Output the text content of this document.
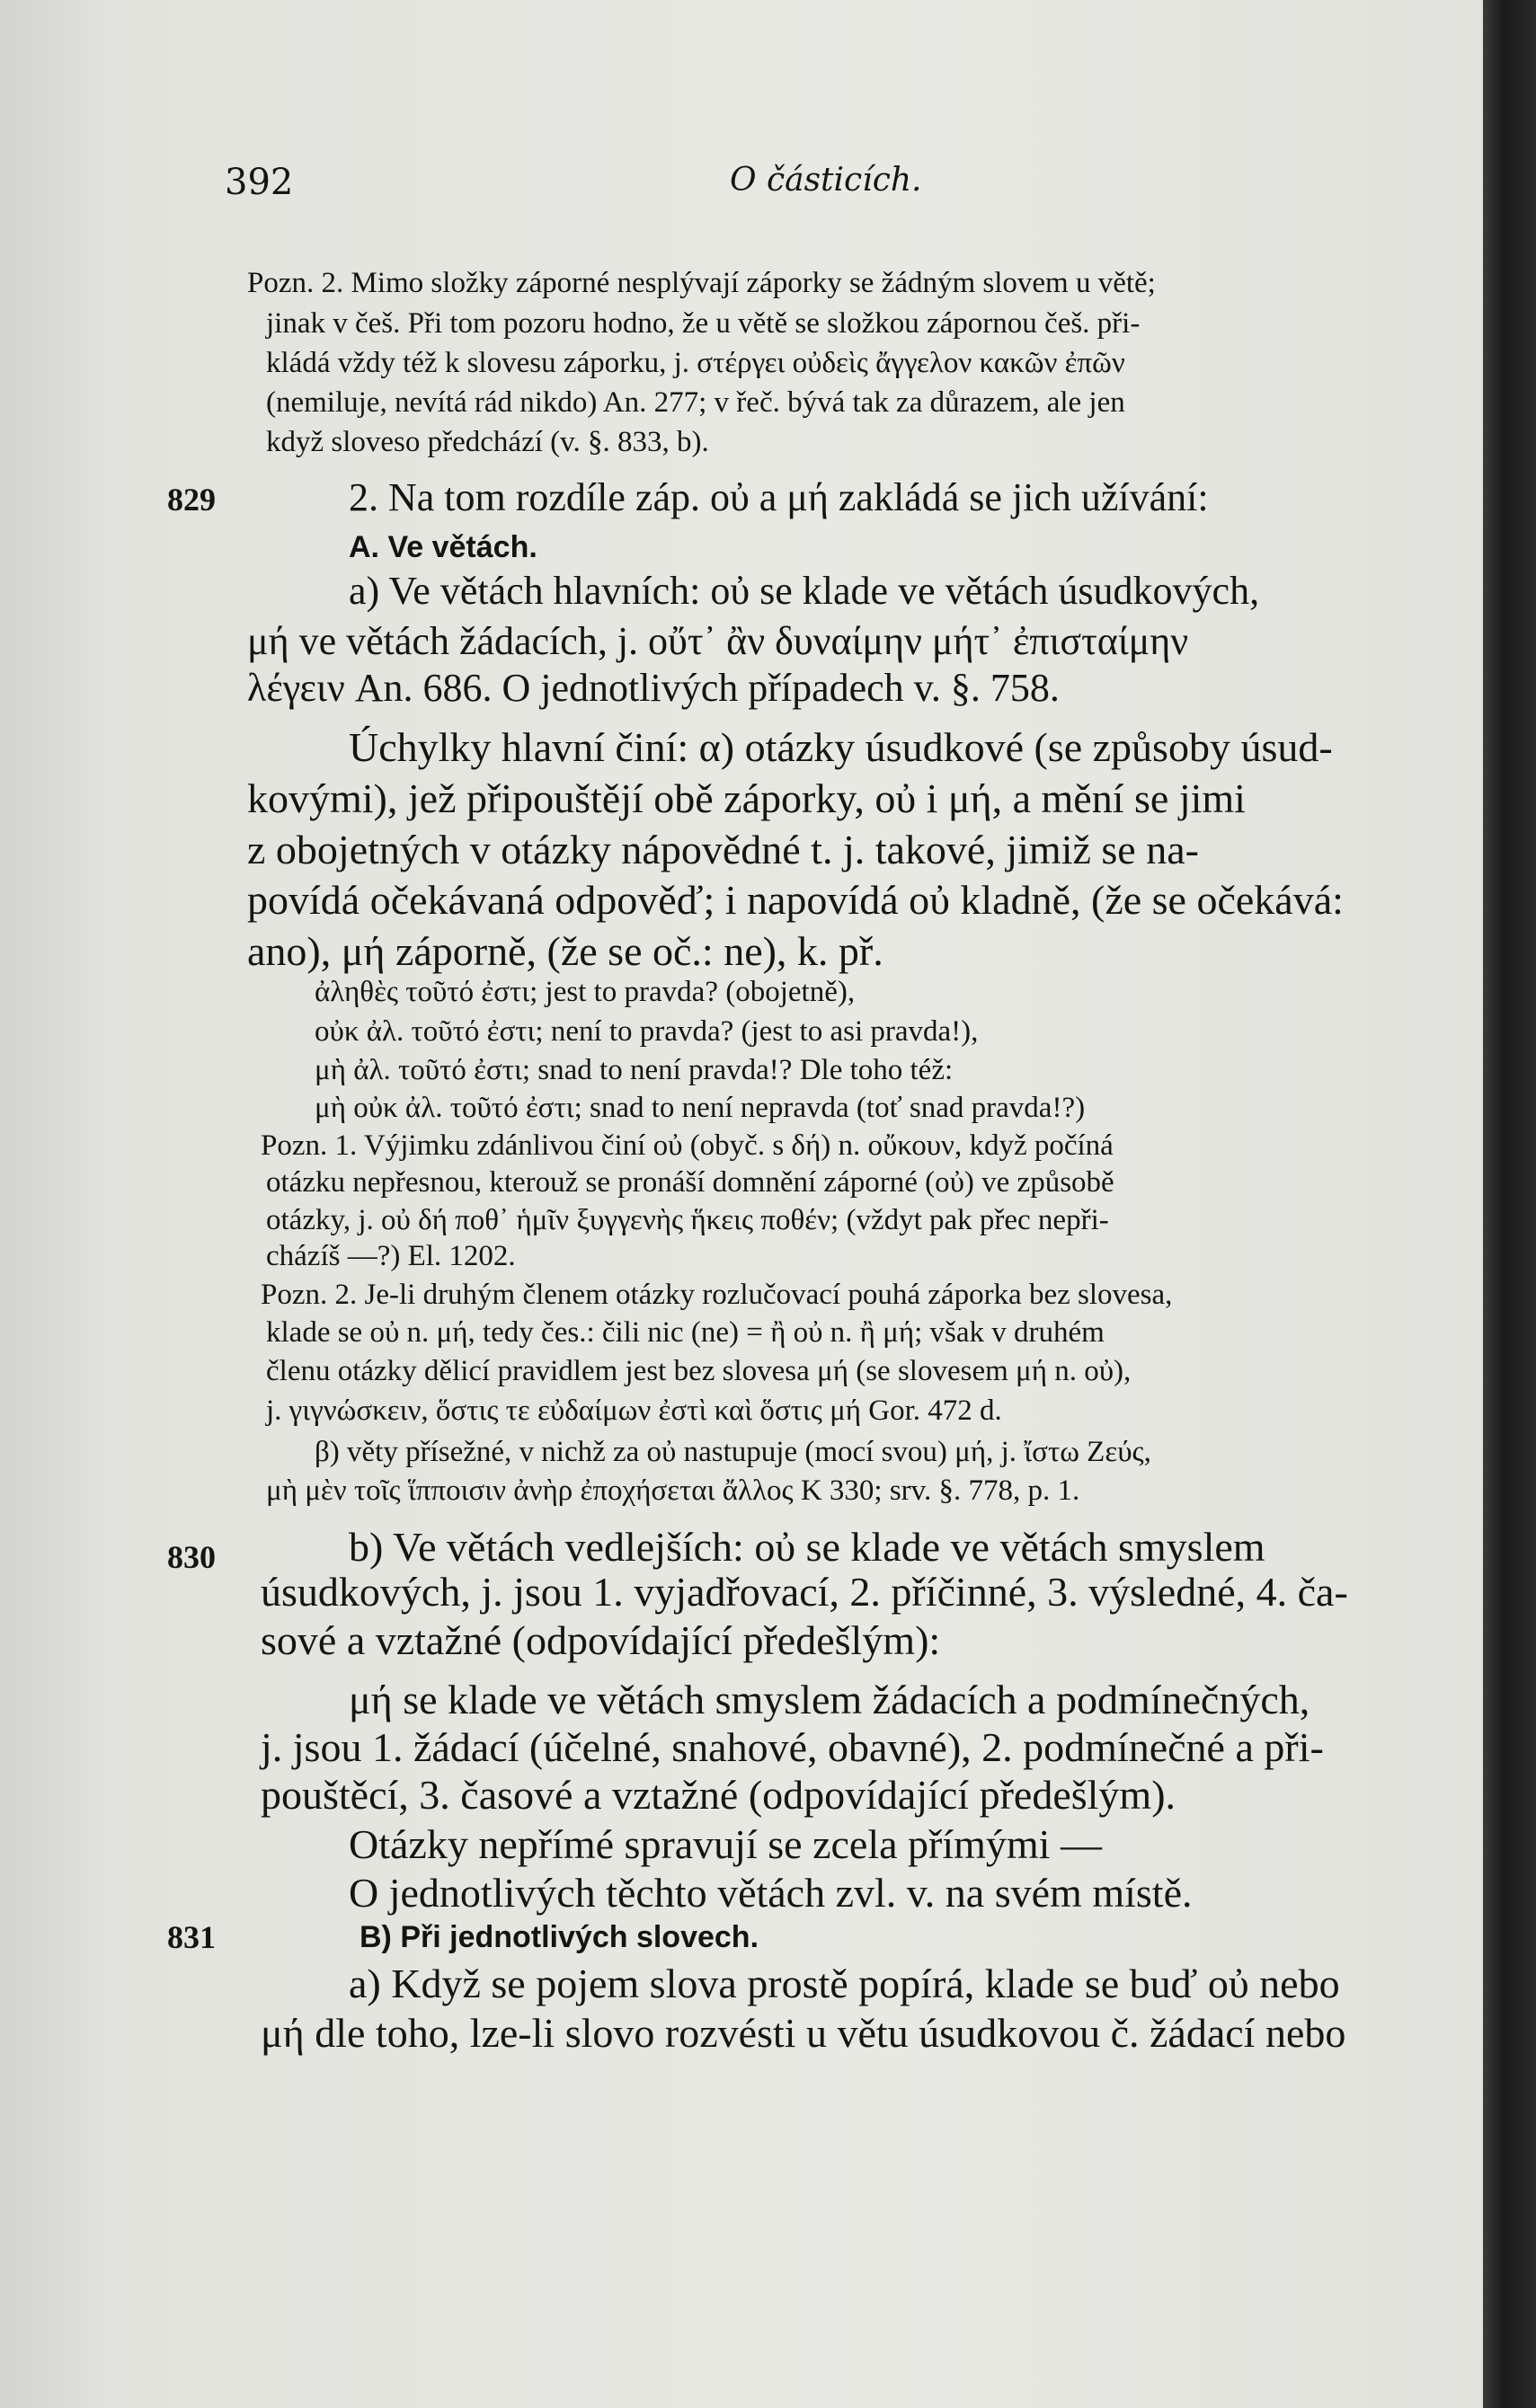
392	O částicích.
829
830
831
Pozn. 2. Mimo složky záporné nesplývají záporky se žádným slovem u větě;
jinak v češ. Při tom pozoru hodno, že u větě se složkou zápornou češ. při-
kládá vždy též k slovesu záporku, j. στέργει οὐδεὶς ἄγγελον κακῶν ἐπῶν
(nemiluje, nevítá rád nikdo) An. 277; v řeč. bývá tak za důrazem, ale jen
když sloveso předchází (v. §. 833, b).
2. Na tom rozdíle záp. οὐ a μή zakládá se jich užívání:
A. Ve větách.
a) Ve větách hlavních: οὐ se klade ve větách úsudkových,
μή ve větách žádacích, j. οὔτ᾽ ἂν δυναίμην μήτ᾽ ἐπισταίμην
λέγειν An. 686. O jednotlivých případech v. §. 758.
Úchylky hlavní činí: α) otázky úsudkové (se způsoby úsud-
kovými), jež připouštějí obě záporky, οὐ i μή, a mění se jimi
z obojetných v otázky nápovědné t. j. takové, jimiž se na-
povídá očekávaná odpověď; i napovídá οὐ kladně, (že se očekává:
ano), μή záporně, (že se oč.: ne), k. př.
ἀληθὲς τοῦτό ἐστι; jest to pravda? (obojetně),
οὐκ ἀλ. τοῦτό ἐστι; není to pravda? (jest to asi pravda!),
μὴ ἀλ. τοῦτό ἐστι; snad to není pravda!? Dle toho též:
μὴ οὐκ ἀλ. τοῦτό ἐστι; snad to není nepravda (toť snad pravda!?)
Pozn. 1. Výjimku zdánlivou činí οὐ (obyč. s δή) n. οὔκουν, když počíná
otázku nepřesnou, kterouž se pronáší domnění záporné (οὐ) ve způsobě
otázky, j. οὐ δή ποθ᾽ ἡμῖν ξυγγενὴς ἥκεις ποθέν; (vždyt pak přec nepři-
cházíš —?) El. 1202.
Pozn. 2. Je-li druhým členem otázky rozlučovací pouhá záporka bez slovesa,
klade se οὐ n. μή, tedy čes.: čili nic (ne) = ἢ οὐ n. ἢ μή; však v druhém
členu otázky dělicí pravidlem jest bez slovesa μή (se slovesem μή n. οὐ),
j. γιγνώσκειν, ὅστις τε εὐδαίμων ἐστὶ καὶ ὅστις μή Gor. 472 d.
β) věty přísežné, v nichž za οὐ nastupuje (mocí svou) μή, j. ἴστω Ζεύς,
μὴ μὲν τοῖς ἵπποισιν ἀνὴρ ἐποχήσεται ἄλλος K 330; srv. §. 778, p. 1.
b) Ve větách vedlejších: οὐ se klade ve větách smyslem
úsudkových, j. jsou 1. vyjadřovací, 2. příčinné, 3. výsledné, 4. ča-
sové a vztažné (odpovídající předešlým):
μή se klade ve větách smyslem žádacích a podmínečných,
j. jsou 1. žádací (účelné, snahové, obavné), 2. podmínečné a při-
pouštěcí, 3. časové a vztažné (odpovídající předešlým).
Otázky nepřímé spravují se zcela přímými —
O jednotlivých těchto větách zvl. v. na svém místě.
B) Při jednotlivých slovech.
a) Když se pojem slova prostě popírá, klade se buď οὐ nebo
μή dle toho, lze-li slovo rozvésti u větu úsudkovou č. žádací nebo
